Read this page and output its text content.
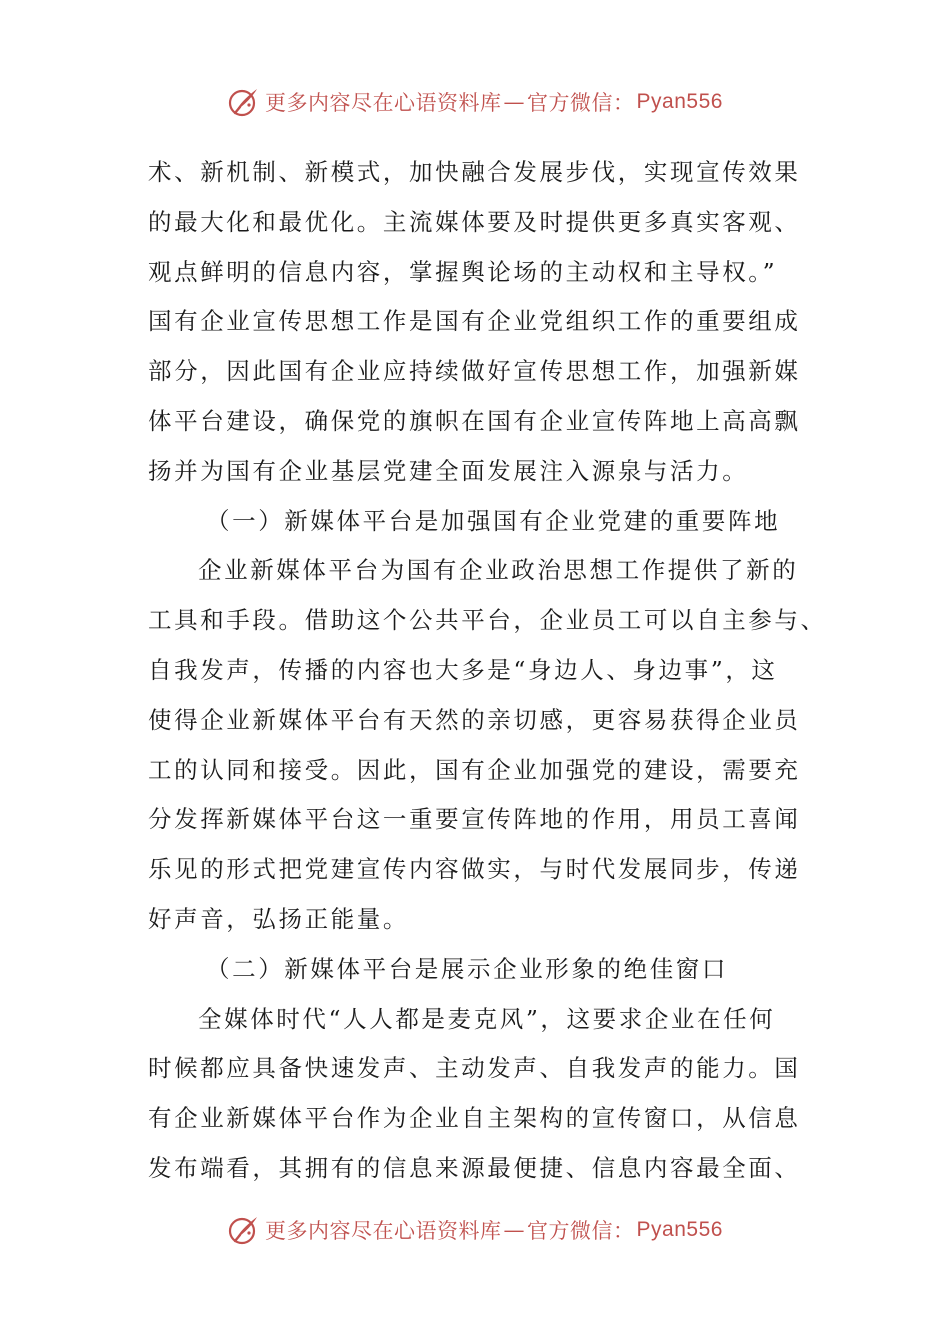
更多内容尽在心语资料库 — 官方微信： Pyan556
术、新机制、新模式，加快融合发展步伐，实现宣传效果
的最大化和最优化。主流媒体要及时提供更多真实客观、
观点鲜明的信息内容，掌握舆论场的主动权和主导权。”
国有企业宣传思想工作是国有企业党组织工作的重要组成
部分，因此国有企业应持续做好宣传思想工作，加强新媒
体平台建设，确保党的旗帜在国有企业宣传阵地上高高飘
扬并为国有企业基层党建全面发展注入源泉与活力。
（一）新媒体平台是加强国有企业党建的重要阵地
企业新媒体平台为国有企业政治思想工作提供了新的
工具和手段。借助这个公共平台，企业员工可以自主参与、
自我发声，传播的内容也大多是“身边人、身边事”，这
使得企业新媒体平台有天然的亲切感，更容易获得企业员
工的认同和接受。因此，国有企业加强党的建设，需要充
分发挥新媒体平台这一重要宣传阵地的作用，用员工喜闻
乐见的形式把党建宣传内容做实，与时代发展同步，传递
好声音，弘扬正能量。
（二）新媒体平台是展示企业形象的绝佳窗口
全媒体时代“人人都是麦克风”，这要求企业在任何
时候都应具备快速发声、主动发声、自我发声的能力。国
有企业新媒体平台作为企业自主架构的宣传窗口，从信息
发布端看，其拥有的信息来源最便捷、信息内容最全面、
更多内容尽在心语资料库 — 官方微信： Pyan556
